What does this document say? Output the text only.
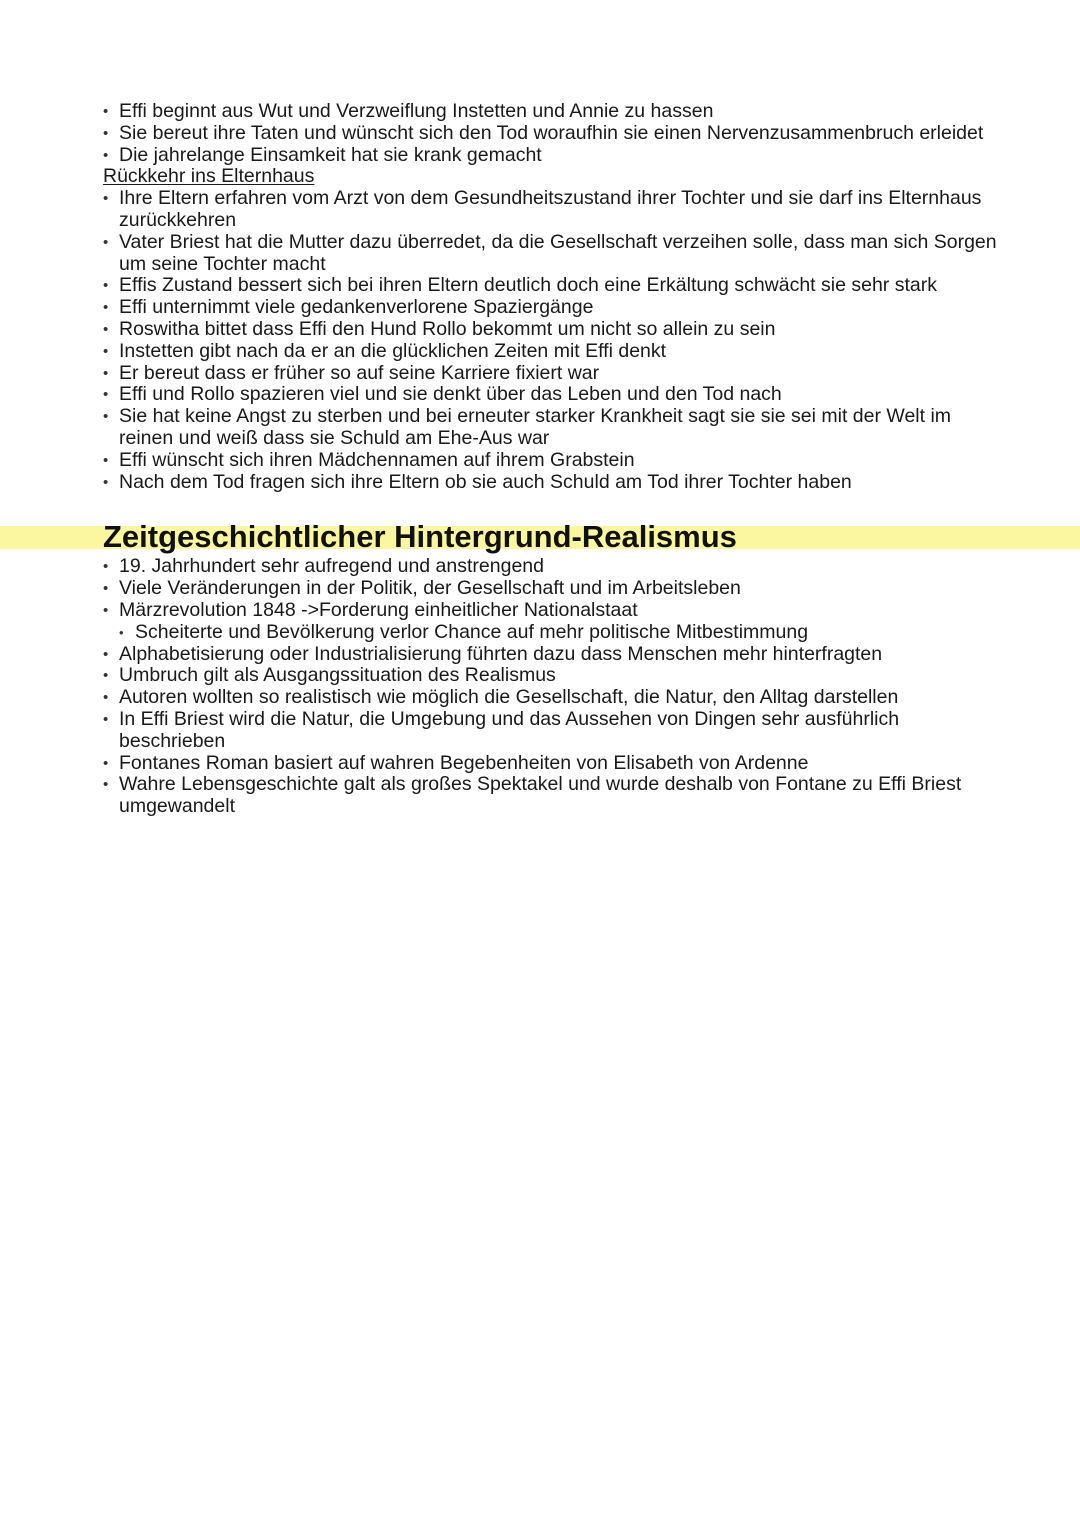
• Effi beginnt aus Wut und Verzweiflung Instetten und Annie zu hassen
• Sie bereut ihre Taten und wünscht sich den Tod woraufhin sie einen Nervenzusammenbruch erleidet
• Die jahrelange Einsamkeit hat sie krank gemacht
Rückkehr ins Elternhaus
• Ihre Eltern erfahren vom Arzt von dem Gesundheitszustand ihrer Tochter und sie darf ins Elternhaus zurückkehren
• Vater Briest hat die Mutter dazu überredet, da die Gesellschaft verzeihen solle, dass man sich Sorgen um seine Tochter macht
• Effis Zustand bessert sich bei ihren Eltern deutlich doch eine Erkältung schwächt sie sehr stark
• Effi unternimmt viele gedankenverlorene Spaziergänge
• Roswitha bittet dass Effi den Hund Rollo bekommt um nicht so allein zu sein
• Instetten gibt nach da er an die glücklichen Zeiten mit Effi denkt
• Er bereut dass er früher so auf seine Karriere fixiert war
• Effi und Rollo spazieren viel und sie denkt über das Leben und den Tod nach
• Sie hat keine Angst zu sterben und bei erneuter starker Krankheit sagt sie sie sei mit der Welt im reinen und weiß dass sie Schuld am Ehe-Aus war
• Effi wünscht sich ihren Mädchennamen auf ihrem Grabstein
• Nach dem Tod fragen sich ihre Eltern ob sie auch Schuld am Tod ihrer Tochter haben
Zeitgeschichtlicher Hintergrund-Realismus
• 19. Jahrhundert sehr aufregend und anstrengend
• Viele Veränderungen in der Politik, der Gesellschaft und im Arbeitsleben
• Märzrevolution 1848 ->Forderung einheitlicher Nationalstaat
• Scheiterte und Bevölkerung verlor Chance auf mehr politische Mitbestimmung
• Alphabetisierung oder Industrialisierung führten dazu dass Menschen mehr hinterfragten
• Umbruch gilt als Ausgangssituation des Realismus
• Autoren wollten so realistisch wie möglich die Gesellschaft, die Natur, den Alltag darstellen
• In Effi Briest wird die Natur, die Umgebung und das Aussehen von Dingen sehr ausführlich beschrieben
• Fontanes Roman basiert auf wahren Begebenheiten von Elisabeth von Ardenne
• Wahre Lebensgeschichte galt als großes Spektakel und wurde deshalb von Fontane zu Effi Briest umgewandelt
